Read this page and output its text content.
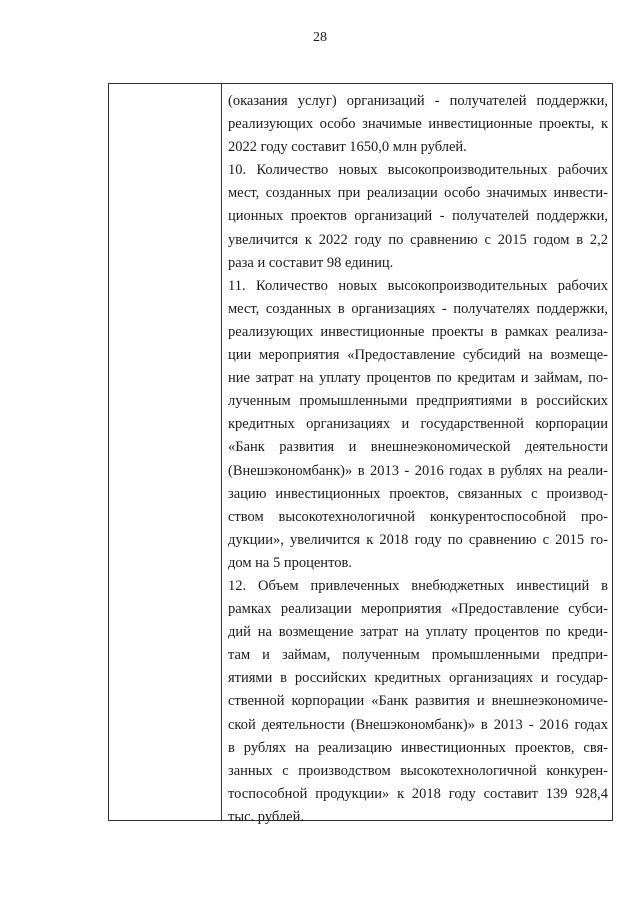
28
(оказания услуг) организаций - получателей поддержки,
реализующих особо значимые инвестиционные проекты, к
2022 году составит 1650,0 млн рублей.
10. Количество новых высокопроизводительных рабочих
мест, созданных при реализации особо значимых инвести-
ционных проектов организаций - получателей поддержки,
увеличится к 2022 году по сравнению с 2015 годом в 2,2
раза и составит 98 единиц.
11. Количество новых высокопроизводительных рабочих
мест, созданных в организациях - получателях поддержки,
реализующих инвестиционные проекты в рамках реализа-
ции мероприятия «Предоставление субсидий на возмеще-
ние затрат на уплату процентов по кредитам и займам, по-
лученным промышленными предприятиями в российских
кредитных организациях и государственной корпорации
«Банк развития и внешнеэкономической деятельности
(Внешэкономбанк)» в 2013 - 2016 годах в рублях на реали-
зацию инвестиционных проектов, связанных с производ-
ством высокотехнологичной конкурентоспособной про-
дукции», увеличится к 2018 году по сравнению с 2015 го-
дом на 5 процентов.
12. Объем привлеченных внебюджетных инвестиций в
рамках реализации мероприятия «Предоставление субси-
дий на возмещение затрат на уплату процентов по креди-
там и займам, полученным промышленными предпри-
ятиями в российских кредитных организациях и государ-
ственной корпорации «Банк развития и внешнеэкономиче-
ской деятельности (Внешэкономбанк)» в 2013 - 2016 годах
в рублях на реализацию инвестиционных проектов, свя-
занных с производством высокотехнологичной конкурен-
тоспособной продукции» к 2018 году составит 139 928,4
тыс. рублей.
